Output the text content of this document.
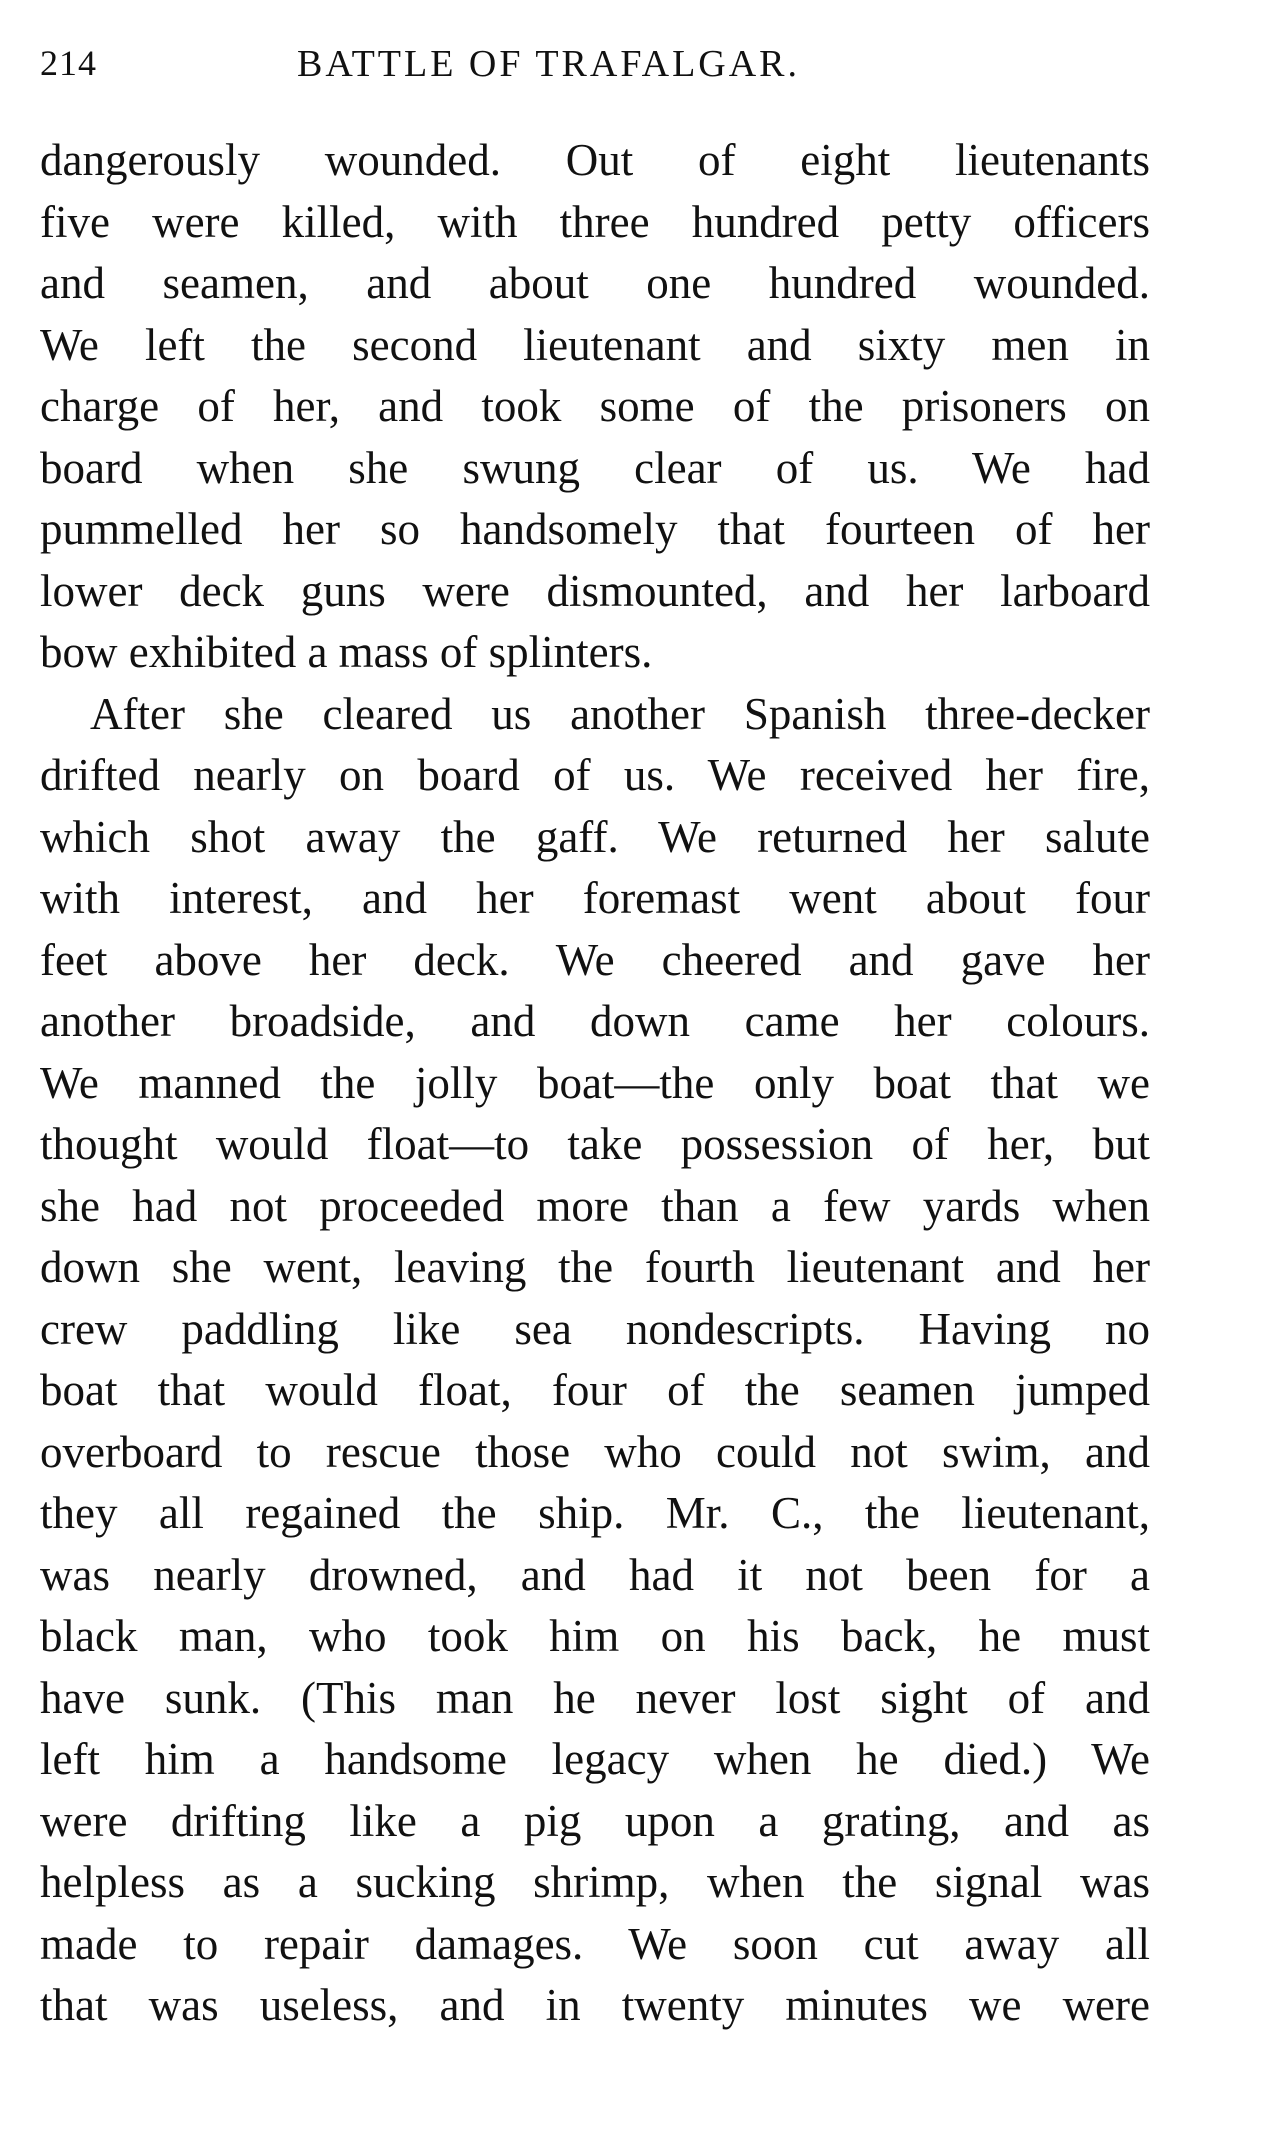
214	BATTLE OF TRAFALGAR.
dangerously wounded. Out of eight lieutenants
five were killed, with three hundred petty officers
and seamen, and about one hundred wounded.
We left the second lieutenant and sixty men in
charge of her, and took some of the prisoners on
board when she swung clear of us. We had
pummelled her so handsomely that fourteen of her
lower deck guns were dismounted, and her larboard
bow exhibited a mass of splinters.
After she cleared us another Spanish three-decker
drifted nearly on board of us. We received her fire,
which shot away the gaff. We returned her salute
with interest, and her foremast went about four
feet above her deck. We cheered and gave her
another broadside, and down came her colours.
We manned the jolly boat—the only boat that we
thought would float—to take possession of her, but
she had not proceeded more than a few yards when
down she went, leaving the fourth lieutenant and her
crew paddling like sea nondescripts. Having no
boat that would float, four of the seamen jumped
overboard to rescue those who could not swim, and
they all regained the ship. Mr. C., the lieutenant,
was nearly drowned, and had it not been for a
black man, who took him on his back, he must
have sunk. (This man he never lost sight of and
left him a handsome legacy when he died.) We
were drifting like a pig upon a grating, and as
helpless as a sucking shrimp, when the signal was
made to repair damages. We soon cut away all
that was useless, and in twenty minutes we were
